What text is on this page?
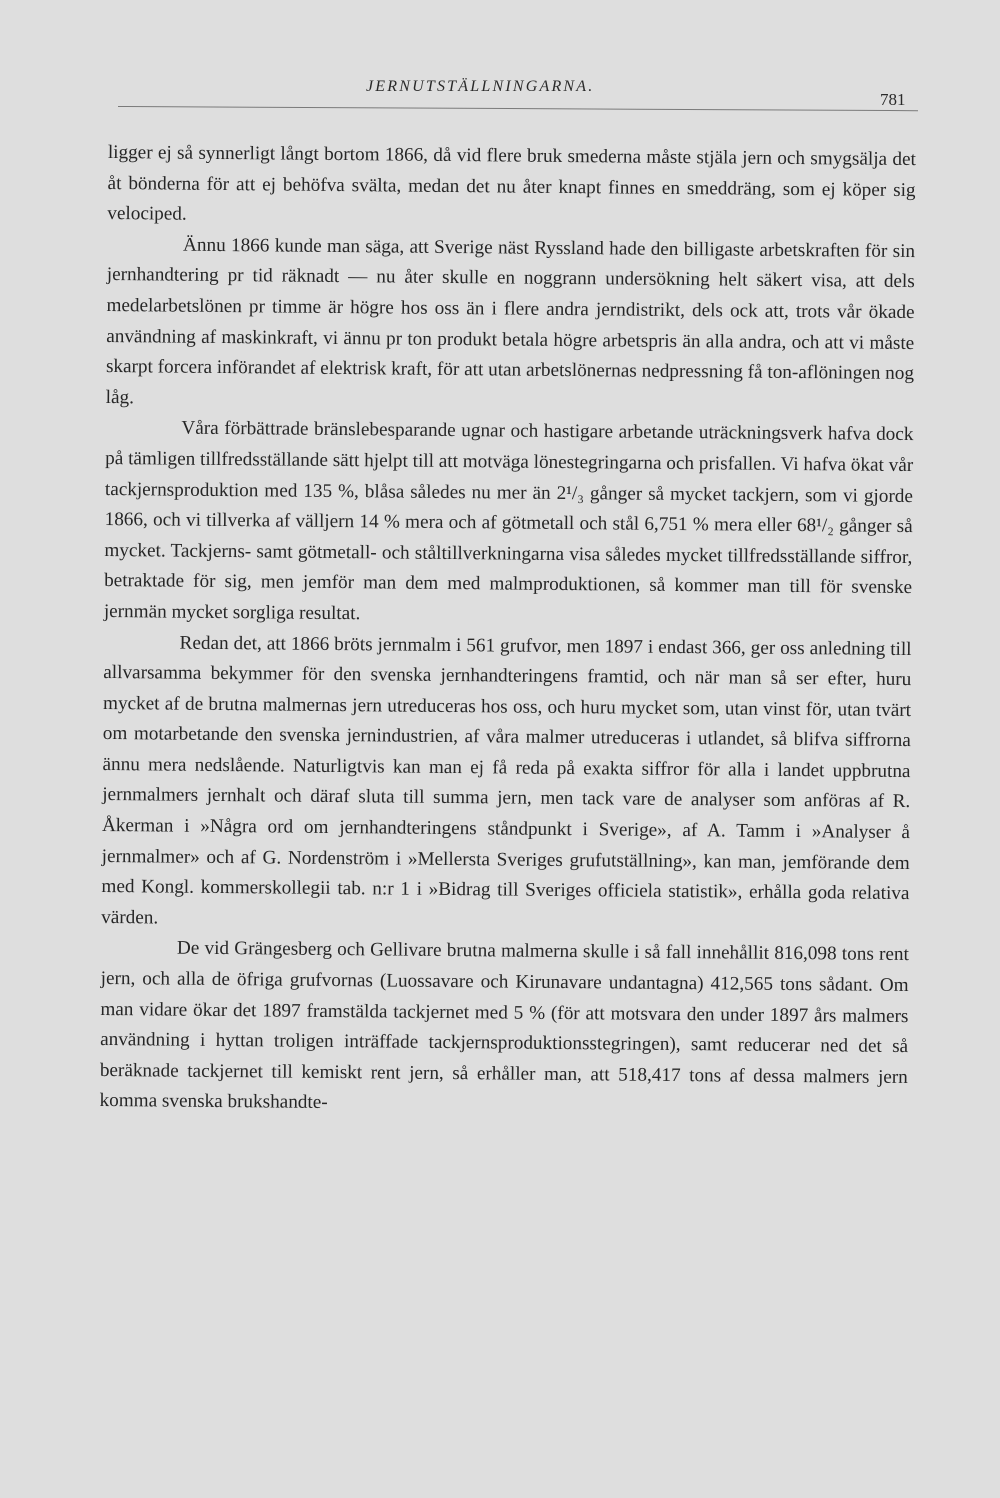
JERNUTSTÄLLNINGARNA.
781

ligger ej så synnerligt långt bortom 1866, då vid flere bruk smederna måste stjäla jern och smygsälja det åt bönderna för att ej behöfva svälta, medan det nu åter knapt finnes en smeddräng, som ej köper sig velociped.

Ännu 1866 kunde man säga, att Sverige näst Ryssland hade den billigaste arbetskraften för sin jernhandtering pr tid räknadt — nu åter skulle en noggrann undersökning helt säkert visa, att dels medelarbetslönen pr timme är högre hos oss än i flere andra jerndistrikt, dels ock att, trots vår ökade användning af maskinkraft, vi ännu pr ton produkt betala högre arbetspris än alla andra, och att vi måste skarpt forcera införandet af elektrisk kraft, för att utan arbetslönernas nedpressning få ton-aflöningen nog låg.

Våra förbättrade bränslebesparande ugnar och hastigare arbetande uträckningsverk hafva dock på tämligen tillfredsställande sätt hjelpt till att motväga lönestegringarna och prisfallen. Vi hafva ökat vår tackjernsproduktion med 135 %, blåsa således nu mer än 2¹/₃ gånger så mycket tackjern, som vi gjorde 1866, och vi tillverka af välljern 14 % mera och af götmetall och stål 6,751 % mera eller 68¹/₂ gånger så mycket. Tackjerns- samt götmetall- och ståltillverkningarna visa således mycket tillfredsställande siffror, betraktade för sig, men jemför man dem med malmproduktionen, så kommer man till för svenske jernmän mycket sorgliga resultat.

Redan det, att 1866 bröts jernmalm i 561 grufvor, men 1897 i endast 366, ger oss anledning till allvarsamma bekymmer för den svenska jernhandteringens framtid, och när man så ser efter, huru mycket af de brutna malmernas jern utreduceras hos oss, och huru mycket som, utan vinst för, utan tvärt om motarbetande den svenska jernindustrien, af våra malmer utreduceras i utlandet, så blifva siffrorna ännu mera nedslående. Naturligtvis kan man ej få reda på exakta siffror för alla i landet uppbrutna jernmalmers jernhalt och däraf sluta till summa jern, men tack vare de analyser som anföras af R. Åkerman i »Några ord om jernhandteringens ståndpunkt i Sverige», af A. Tamm i »Analyser å jernmalmer» och af G. Nordenström i »Mellersta Sveriges grufutställning», kan man, jemförande dem med Kongl. kommerskollegii tab. n:r 1 i »Bidrag till Sveriges officiela statistik», erhålla goda relativa värden.

De vid Grängesberg och Gellivare brutna malmerna skulle i så fall innehållit 816,098 tons rent jern, och alla de öfriga grufvornas (Luossavare och Kirunavare undantagna) 412,565 tons sådant. Om man vidare ökar det 1897 framstälda tackjernet med 5 % (för att motsvara den under 1897 års malmers användning i hyttan troligen inträffade tackjernsproduktionsstegringen), samt reducerar ned det så beräknade tackjernet till kemiskt rent jern, så erhåller man, att 518,417 tons af dessa malmers jern komma svenska brukshandte-
